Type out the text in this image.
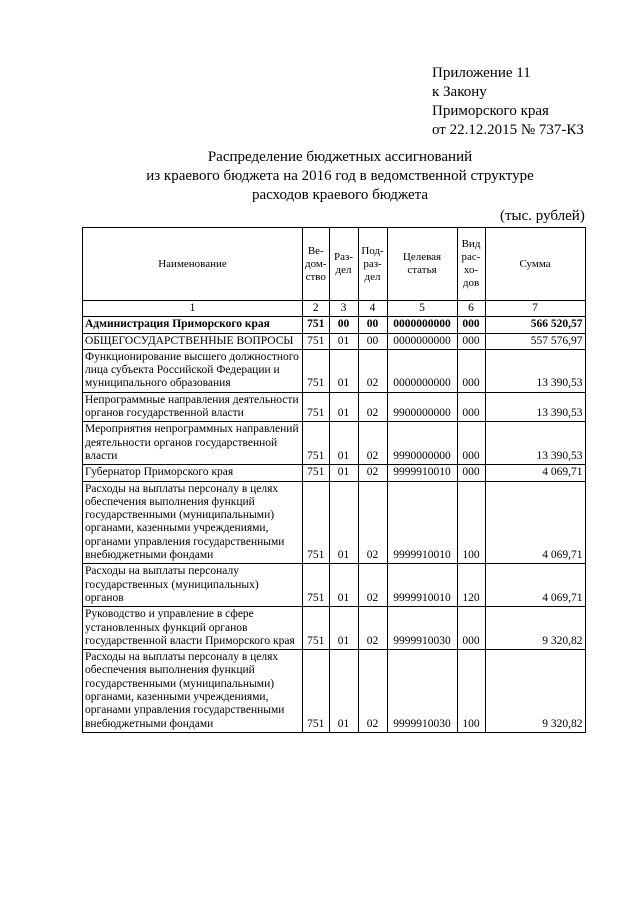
Приложение 11
к Закону
Приморского края
от 22.12.2015 № 737-КЗ
Распределение бюджетных ассигнований
из краевого бюджета на 2016 год в ведомственной структуре
расходов краевого бюджета
(тыс. рублей)
Наименование	Ве-дом-ство	Раз-дел	Под-раз-дел	Целевая статья	Вид рас-хо-дов	Сумма
1	2	3	4	5	6	7
Администрация Приморского края	751	00	00	0000000000	000	566 520,57
ОБЩЕГОСУДАРСТВЕННЫЕ ВОПРОСЫ	751	01	00	0000000000	000	557 576,97
Функционирование высшего должностного лица субъекта Российской Федерации и муниципального образования	751	01	02	0000000000	000	13 390,53
Непрограммные направления деятельности органов государственной власти	751	01	02	9900000000	000	13 390,53
Мероприятия непрограммных направлений деятельности органов государственной власти	751	01	02	9990000000	000	13 390,53
Губернатор Приморского края	751	01	02	9999910010	000	4 069,71
Расходы на выплаты персоналу в целях обеспечения выполнения функций государственными (муниципальными) органами, казенными учреждениями, органами управления государственными внебюджетными фондами	751	01	02	9999910010	100	4 069,71
Расходы на выплаты персоналу государственных (муниципальных) органов	751	01	02	9999910010	120	4 069,71
Руководство и управление в сфере установленных функций органов государственной власти Приморского края	751	01	02	9999910030	000	9 320,82
Расходы на выплаты персоналу в целях обеспечения выполнения функций государственными (муниципальными) органами, казенными учреждениями, органами управления государственными внебюджетными фондами	751	01	02	9999910030	100	9 320,82
